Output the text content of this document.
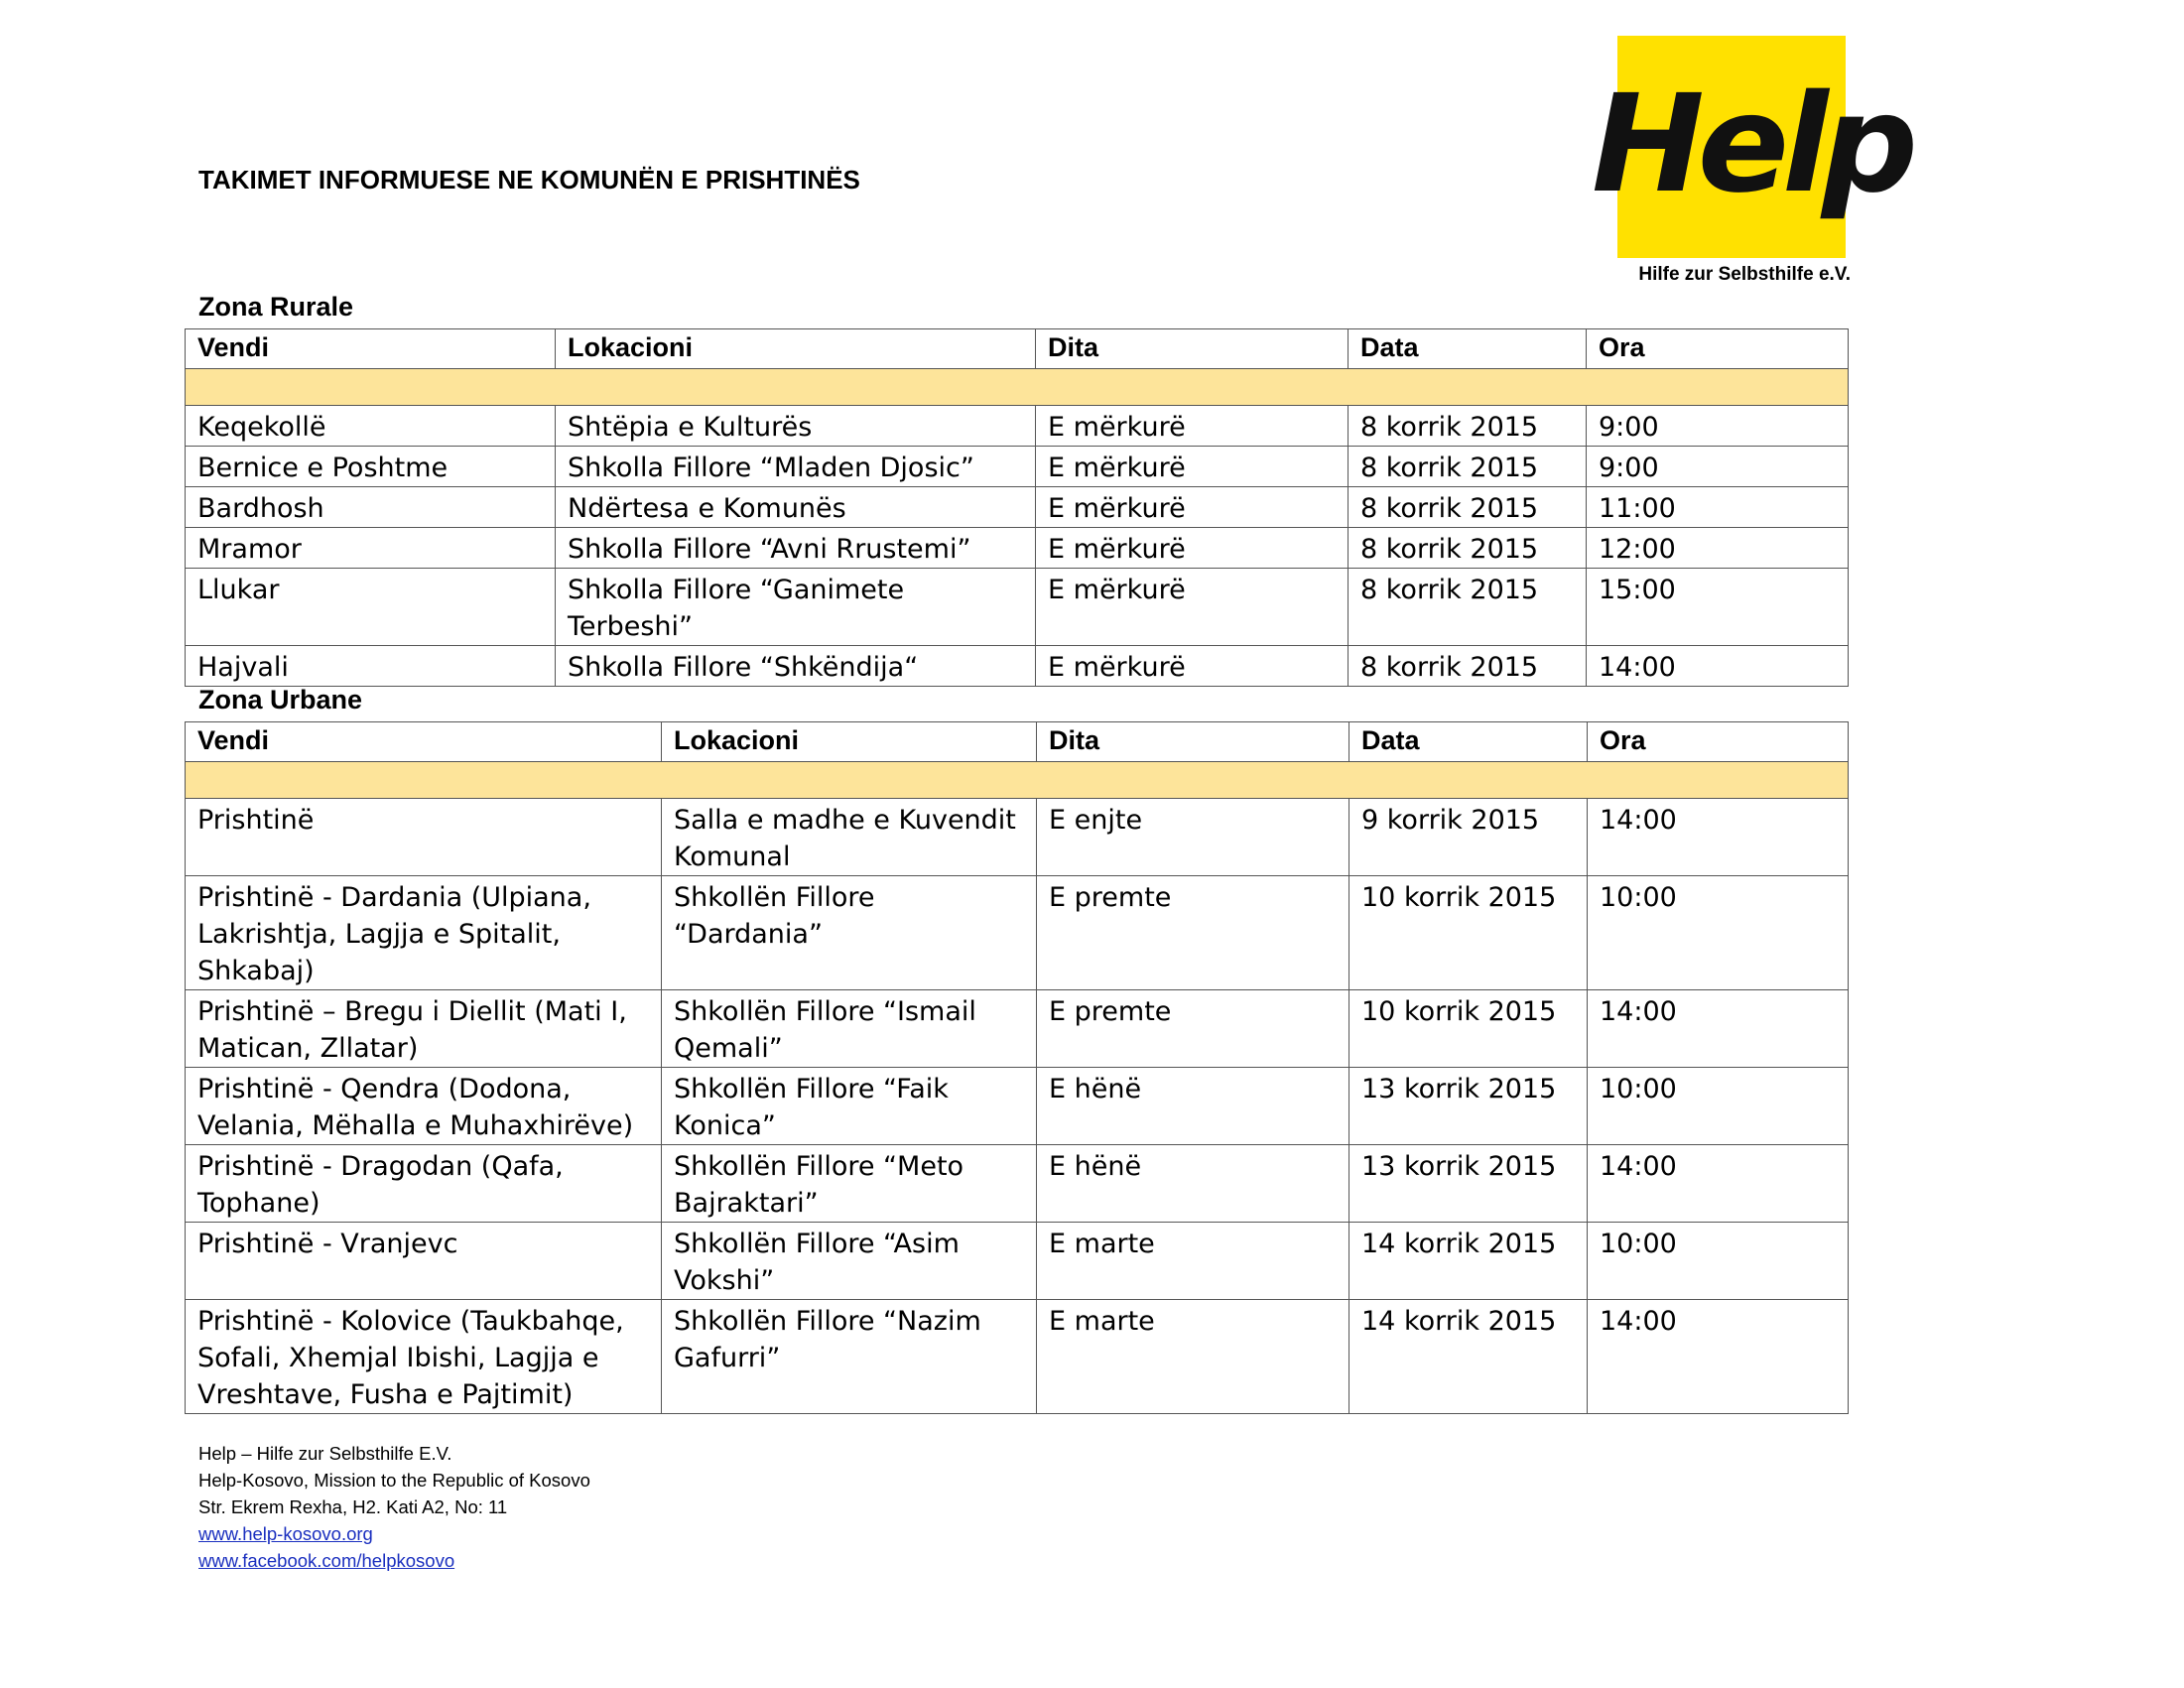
TAKIMET INFORMUESE NE KOMUNËN E PRISHTINËS	Help
Hilfe zur Selbsthilfe e.V.
Zona Rurale
Vendi	Lokacioni	Dita	Data	Ora

Keqekollë	Shtëpia e Kulturës	E mërkurë	8 korrik 2015	9:00
Bernice e Poshtme	Shkolla Fillore “Mladen Djosic”	E mërkurë	8 korrik 2015	9:00
Bardhosh	Ndërtesa e Komunës	E mërkurë	8 korrik 2015	11:00
Mramor	Shkolla Fillore “Avni Rrustemi”	E mërkurë	8 korrik 2015	12:00
Llukar	Shkolla Fillore “Ganimete Terbeshi”	E mërkurë	8 korrik 2015	15:00
Hajvali	Shkolla Fillore “Shkëndija“	E mërkurë	8 korrik 2015	14:00
Zona Urbane
Vendi	Lokacioni	Dita	Data	Ora

Prishtinë	Salla e madhe e Kuvendit Komunal	E enjte	9 korrik 2015	14:00
Prishtinë - Dardania (Ulpiana, Lakrishtja, Lagjja e Spitalit, Shkabaj)	Shkollën Fillore “Dardania”	E premte	10 korrik 2015	10:00
Prishtinë – Bregu i Diellit (Mati I, Matican, Zllatar)	Shkollën Fillore “Ismail Qemali”	E premte	10 korrik 2015	14:00
Prishtinë - Qendra (Dodona, Velania, Mëhalla e Muhaxhirëve)	Shkollën Fillore “Faik Konica”	E hënë	13 korrik 2015	10:00
Prishtinë - Dragodan (Qafa, Tophane)	Shkollën Fillore “Meto Bajraktari”	E hënë	13 korrik 2015	14:00
Prishtinë - Vranjevc	Shkollën Fillore “Asim Vokshi”	E marte	14 korrik 2015	10:00
Prishtinë - Kolovice (Taukbahqe, Sofali, Xhemjal Ibishi, Lagjja e Vreshtave, Fusha e Pajtimit)	Shkollën Fillore “Nazim Gafurri”	E marte	14 korrik 2015	14:00
Help – Hilfe zur Selbsthilfe E.V.
Help-Kosovo, Mission to the Republic of Kosovo
Str. Ekrem Rexha, H2. Kati A2, No: 11
www.help-kosovo.org
www.facebook.com/helpkosovo
